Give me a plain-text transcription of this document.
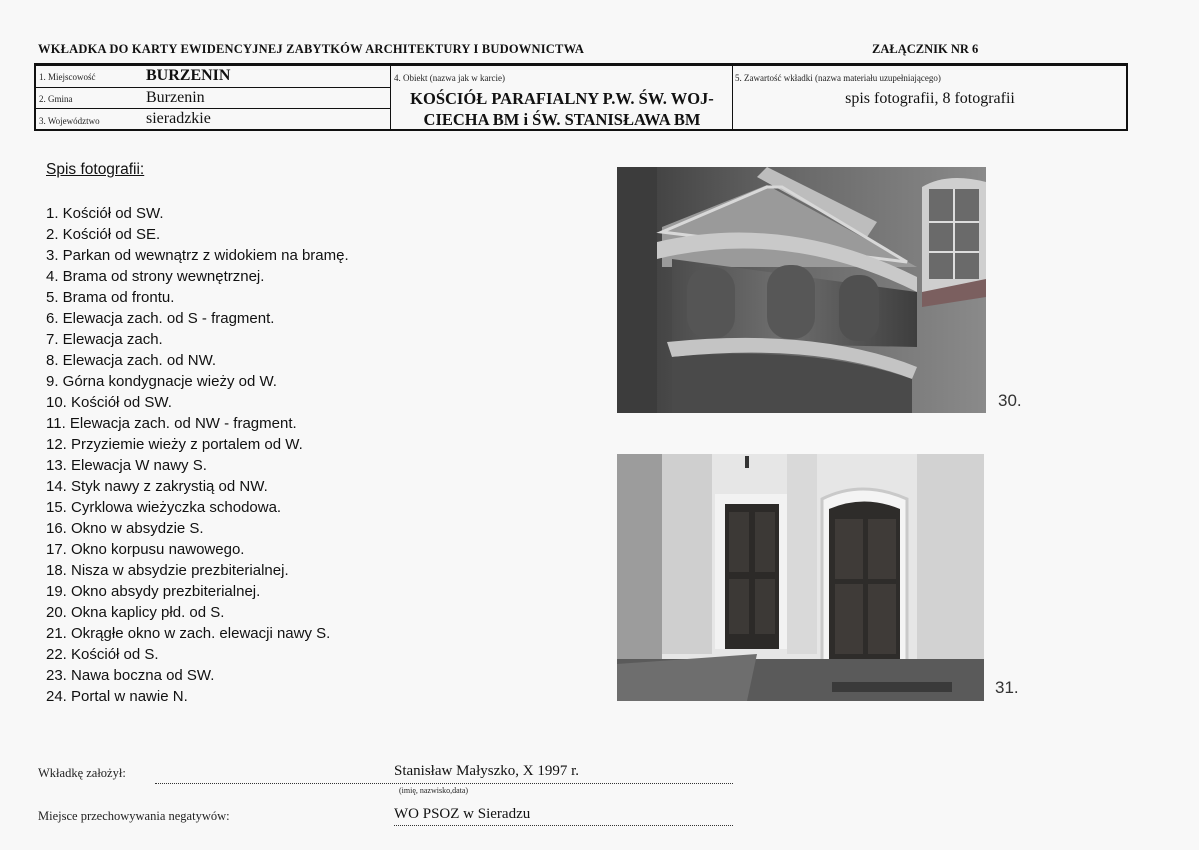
WKŁADKA DO KARTY EWIDENCYJNEJ ZABYTKÓW ARCHITEKTURY I BUDOWNICTWA	ZAŁĄCZNIK NR 6
1. Miejscowość	BURZENIN
2. Gmina	Burzenin
3. Województwo	sieradzkie
4. Obiekt (nazwa jak w karcie)
KOŚCIÓŁ PARAFIALNY P.W. ŚW. WOJ-
CIECHA BM i ŚW. STANISŁAWA BM
5. Zawartość wkładki (nazwa materiału uzupełniającego)
spis fotografii, 8 fotografii
Spis fotografii:
1. Kościół od SW.
2. Kościół od SE.
3. Parkan od wewnątrz z widokiem na bramę.
4. Brama od strony wewnętrznej.
5. Brama od frontu.
6. Elewacja zach. od S - fragment.
7. Elewacja zach.
8. Elewacja zach. od NW.
9. Górna kondygnacje wieży od W.
10. Kościół od SW.
11. Elewacja zach. od NW - fragment.
12. Przyziemie wieży z portalem od W.
13. Elewacja W nawy S.
14. Styk nawy z zakrystią od NW.
15. Cyrklowa wieżyczka schodowa.
16. Okno w absydzie S.
17. Okno korpusu nawowego.
18. Nisza w absydzie prezbiterialnej.
19. Okno absydy prezbiterialnej.
20. Okna kaplicy płd. od S.
21. Okrągłe okno w zach. elewacji nawy S.
22. Kościół od S.
23. Nawa boczna od SW.
24. Portal w nawie N.
30.
31.
Wkładkę założył:	Stanisław Małyszko, X 1997 r.
(imię, nazwisko,data)
Miejsce przechowywania negatywów:	WO PSOZ w Sieradzu
